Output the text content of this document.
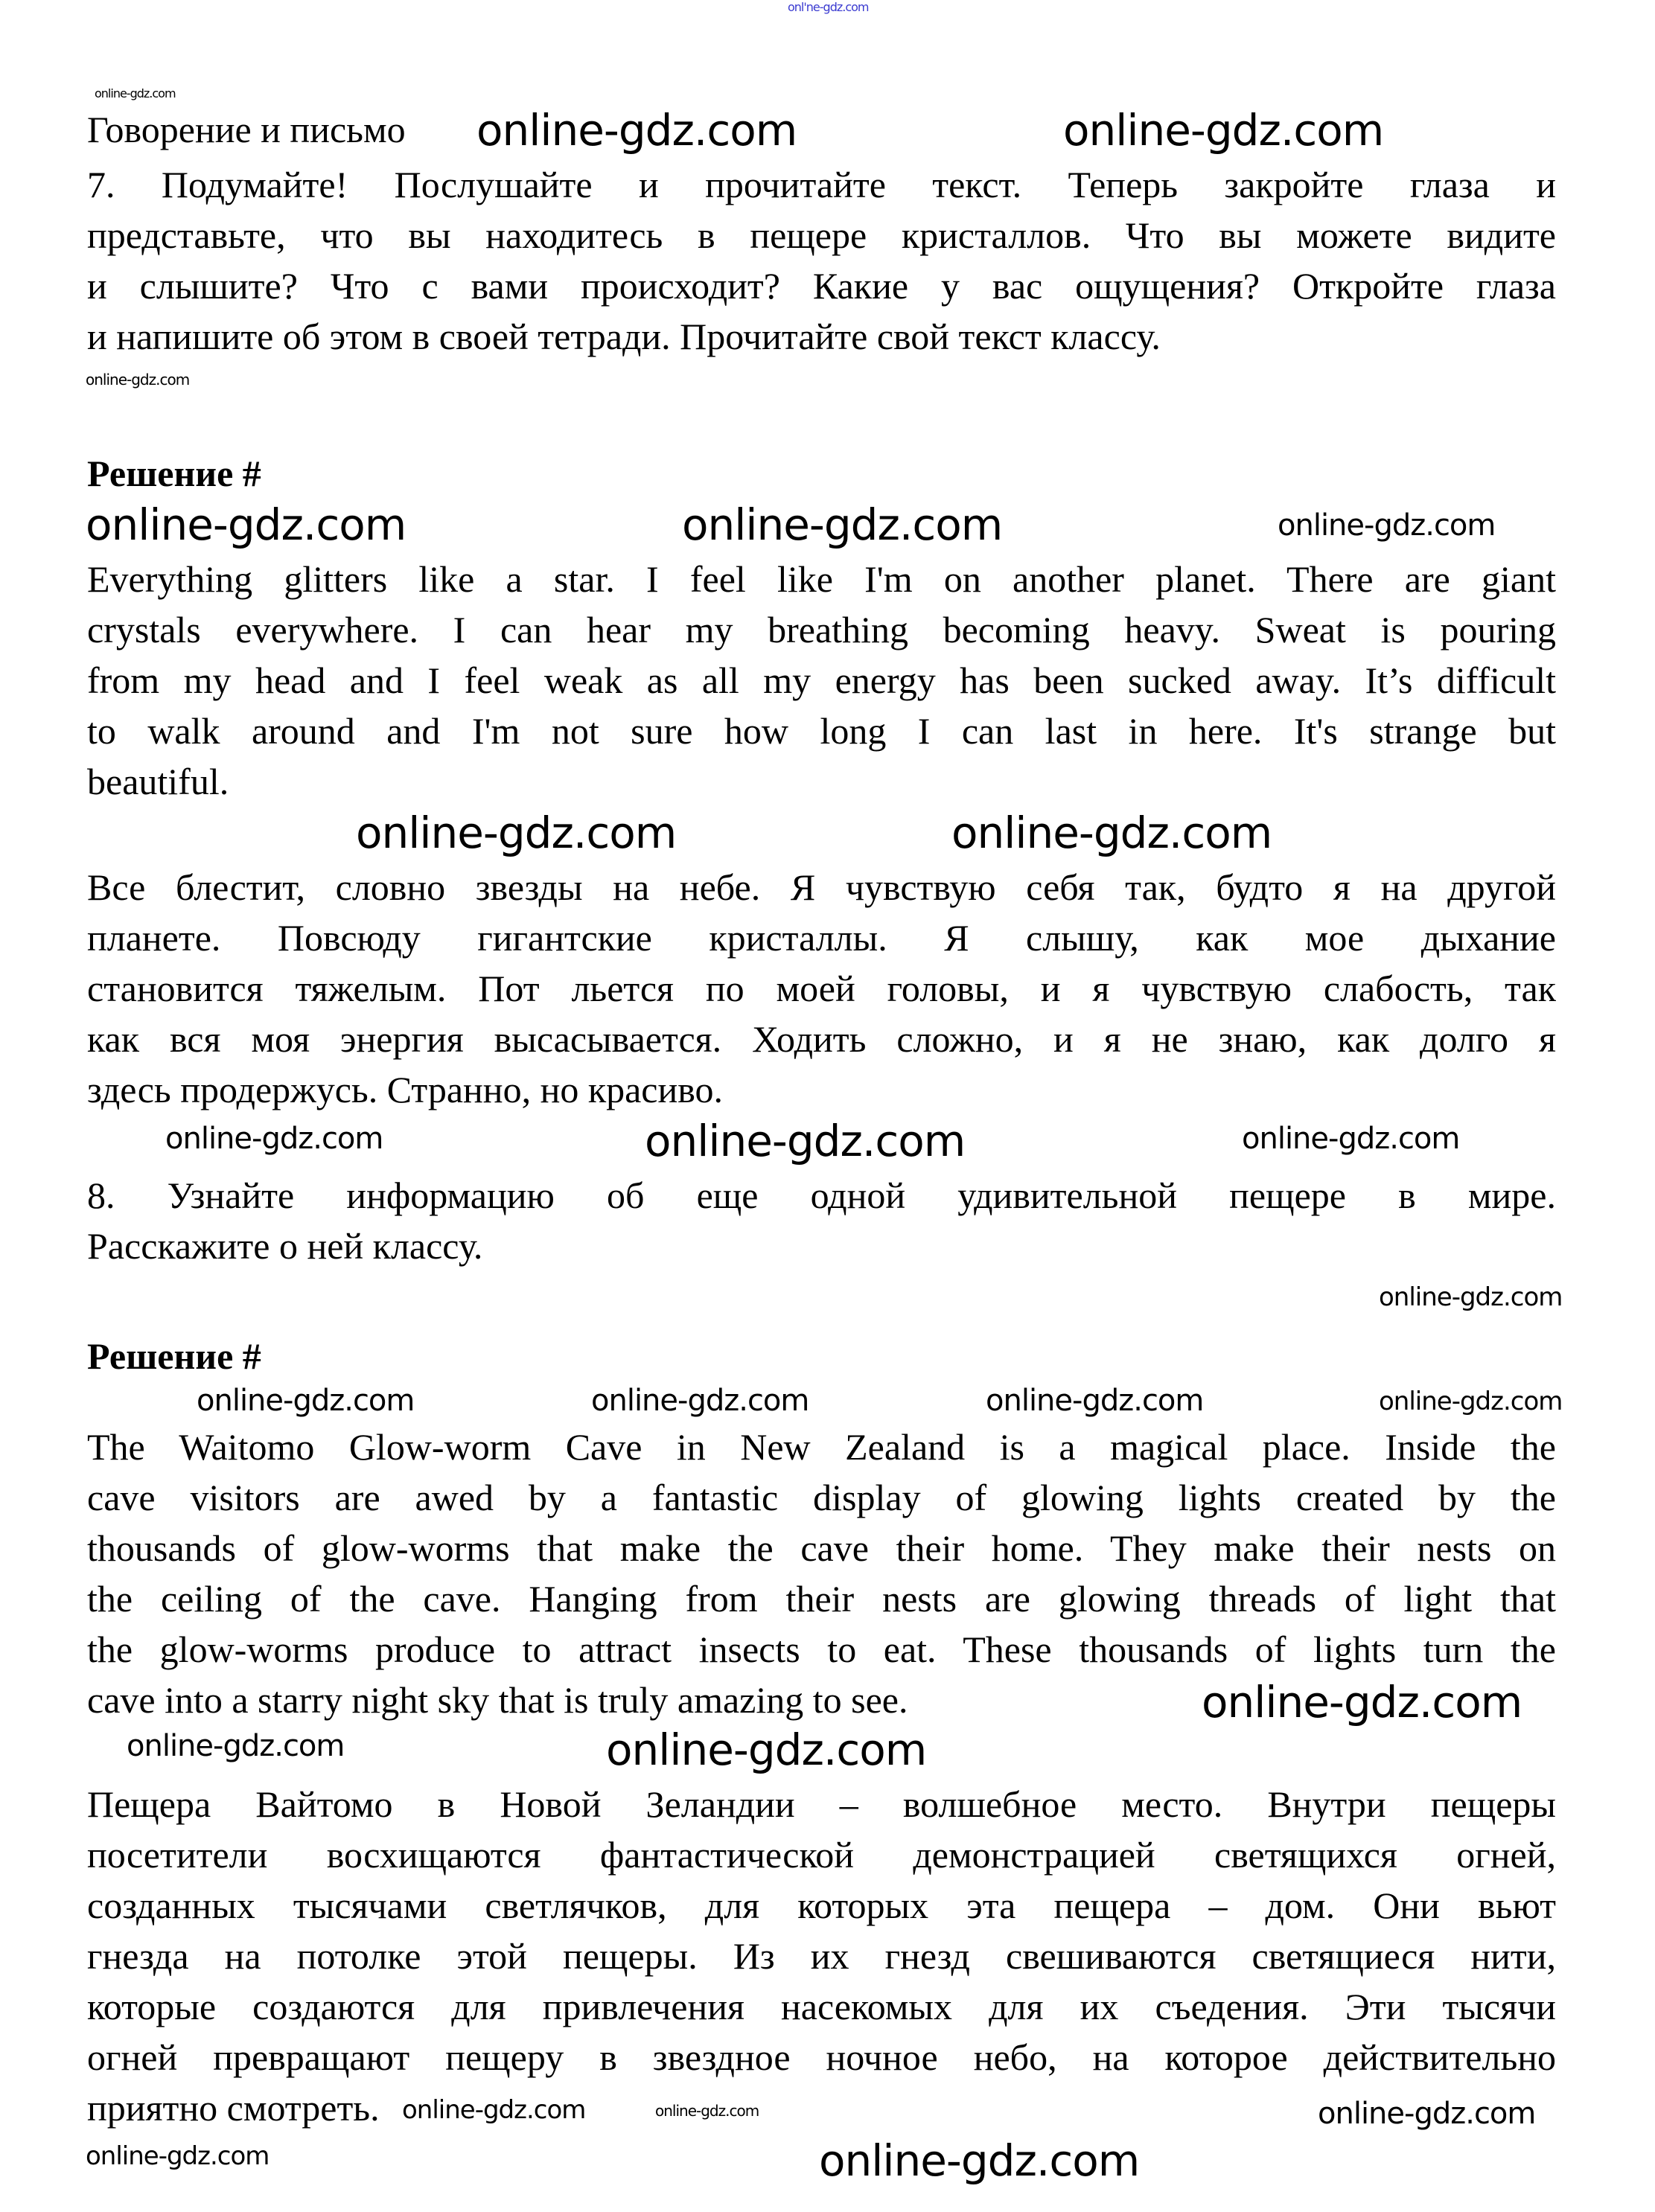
onl'ne-gdz.com
Говорение и письмо
online-gdz.com
online-gdz.com	online-gdz.com
7. Подумайте! Послушайте и прочитайте текст. Теперь закройте глаза и
представьте, что вы находитесь в пещере кристаллов. Что вы можете видите
и слышите? Что с вами происходит? Какие у вас ощущения? Откройте глаза
и напишите об этом в своей тетради. Прочитайте свой текст классу.
online-gdz.com
Решение #
online-gdz.com	online-gdz.com	online-gdz.com
Everything glitters like a star. I feel like I'm on another planet. There are giant
crystals everywhere. I can hear my breathing becoming heavy. Sweat is pouring
from my head and I feel weak as all my energy has been sucked away. It’s difficult
to walk around and I'm not sure how long I can last in here. It's strange but
beautiful.
online-gdz.com	online-gdz.com
Все блестит, словно звезды на небе. Я чувствую себя так, будто я на другой
планете. Повсюду гигантские кристаллы. Я слышу, как мое дыхание
становится тяжелым. Пот льется по моей головы, и я чувствую слабость, так
как вся моя энергия высасывается. Ходить сложно, и я не знаю, как долго я
здесь продержусь. Странно, но красиво.
online-gdz.com	online-gdz.com	online-gdz.com
8. Узнайте информацию об еще одной удивительной пещере в мире.
Расскажите о ней классу.
online-gdz.com
Решение #
online-gdz.com	online-gdz.com	online-gdz.com	online-gdz.com
The Waitomo Glow-worm Cave in New Zealand is a magical place. Inside the
cave visitors are awed by a fantastic display of glowing lights created by the
thousands of glow-worms that make the cave their home. They make their nests on
the ceiling of the cave. Hanging from their nests are glowing threads of light that
the glow-worms produce to attract insects to eat. These thousands of lights turn the
cave into a starry night sky that is truly amazing to see.	online-gdz.com
online-gdz.com	online-gdz.com
Пещера Вайтомо в Новой Зеландии – волшебное место. Внутри пещеры
посетители восхищаются фантастической демонстрацией светящихся огней,
созданных тысячами светлячков, для которых эта пещера – дом. Они вьют
гнезда на потолке этой пещеры. Из их гнезд свешиваются светящиеся нити,
которые создаются для привлечения насекомых для их съедения. Эти тысячи
огней превращают пещеру в звездное ночное небо, на которое действительно
приятно смотреть. online-gdz.com	online-gdz.com
online-gdz.com
online-gdz.com
online-gdz.com
